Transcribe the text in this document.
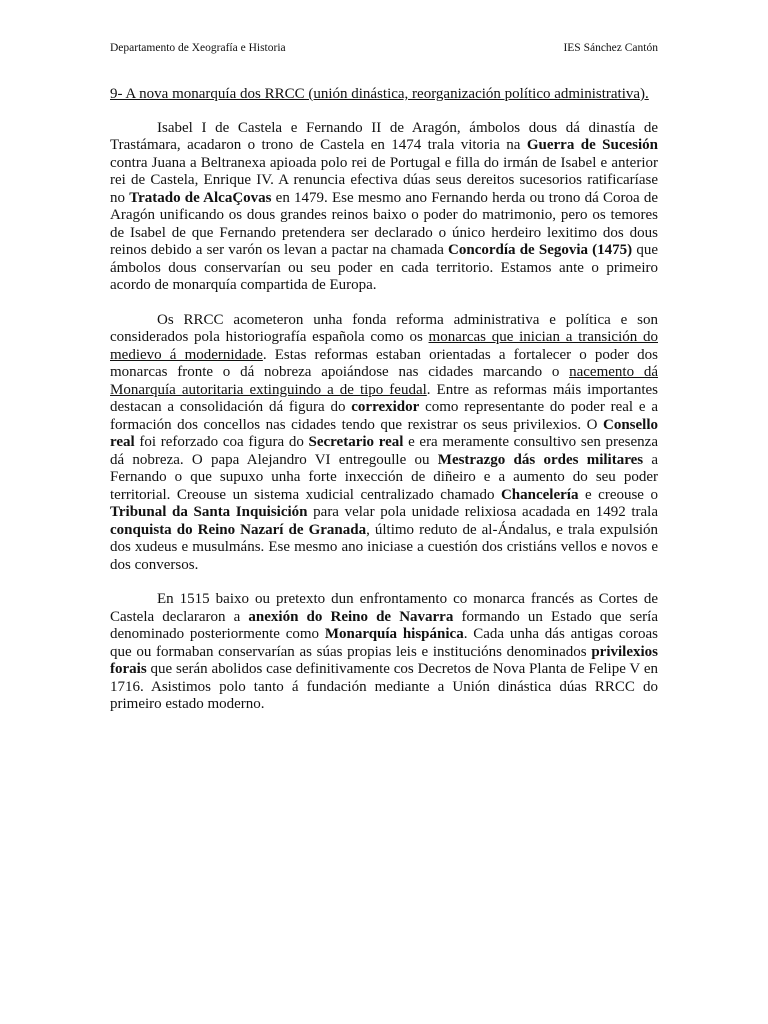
Departamento de Xeografía e Historia	IES Sánchez Cantón

9- A nova monarquía dos RRCC (unión dinástica, reorganización político administrativa).

Isabel I de Castela e Fernando II de Aragón, ámbolos dous dá dinastía de Trastámara, acadaron o trono de Castela en 1474 trala vitoria na Guerra de Sucesión contra Juana a Beltranexa apioada polo rei de Portugal e filla do irmán de Isabel e anterior rei de Castela, Enrique IV. A renuncia efectiva dúas seus dereitos sucesorios ratificaríase no Tratado de AlcaÇovas en 1479. Ese mesmo ano Fernando herda ou trono dá Coroa de Aragón unificando os dous grandes reinos baixo o poder do matrimonio, pero os temores de Isabel de que Fernando pretendera ser declarado o único herdeiro lexitimo dos dous reinos debido a ser varón os levan a pactar na chamada Concordía de Segovia (1475) que ámbolos dous conservarían ou seu poder en cada territorio. Estamos ante o primeiro acordo de monarquía compartida de Europa.

Os RRCC acometeron unha fonda reforma administrativa e política e son considerados pola historiografía española como os monarcas que inician a transición do medievo á modernidade. Estas reformas estaban orientadas a fortalecer o poder dos monarcas fronte o dá nobreza apoiándose nas cidades marcando o nacemento dá Monarquía autoritaria extinguindo a de tipo feudal. Entre as reformas máis importantes destacan a consolidación dá figura do correxidor como representante do poder real e a formación dos concellos nas cidades tendo que rexistrar os seus privilexios. O Consello real foi reforzado coa figura do Secretario real e era meramente consultivo sen presenza dá nobreza. O papa Alejandro VI entregoulle ou Mestrazgo dás ordes militares a Fernando o que supuxo unha forte inxección de diñeiro e a aumento do seu poder territorial. Creouse un sistema xudicial centralizado chamado Chancelería e creouse o Tribunal da Santa Inquisición para velar pola unidade relixiosa acadada en 1492 trala conquista do Reino Nazarí de Granada, último reduto de al-Ándalus, e trala expulsión dos xudeus e musulmáns. Ese mesmo ano iniciase a cuestión dos cristiáns vellos e novos e dos conversos.

En 1515 baixo ou pretexto dun enfrontamento co monarca francés as Cortes de Castela declararon a anexión do Reino de Navarra formando un Estado que sería denominado posteriormente como Monarquía hispánica. Cada unha dás antigas coroas que ou formaban conservarían as súas propias leis e institucións denominados privilexios forais que serán abolidos case definitivamente cos Decretos de Nova Planta de Felipe V en 1716. Asistimos polo tanto á fundación mediante a Unión dinástica dúas RRCC do primeiro estado moderno.
